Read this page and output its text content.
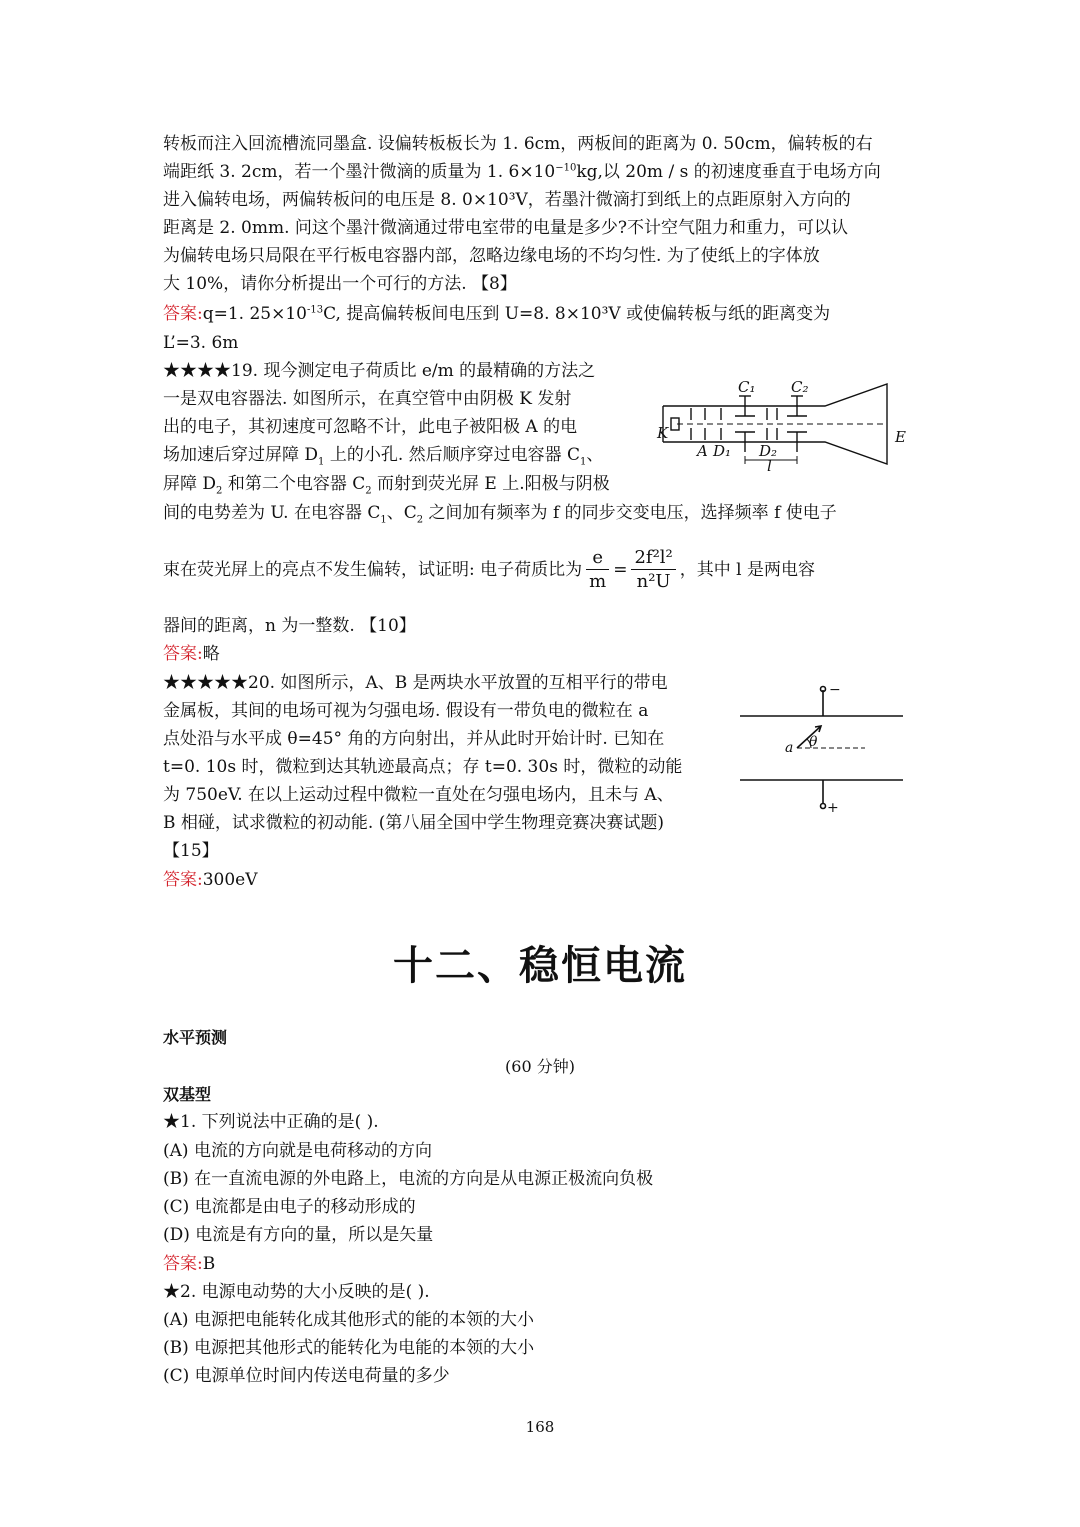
转板而注入回流槽流同墨盒. 设偏转板板长为 1. 6cm，两板间的距离为 0. 50cm，偏转板的右
端距纸 3. 2cm，若一个墨汁微滴的质量为 1. $6\times 10^{-10}kg$,以 20m / s 的初速度垂直于电场方向
进入偏转电场，两偏转板问的电压是 8. 0×10³V，若墨汁微滴打到纸上的点距原射入方向的
距离是 2. 0mm. 问这个墨汁微滴通过带电室带的电量是多少?不计空气阻力和重力，可以认
为偏转电场只局限在平行板电容器内部，忽略边缘电场的不均匀性. 为了使纸上的字体放
大 10%，请你分析提出一个可行的方法. 【8】
答案:q=1. $25\times 10^{-13}C$, 提高偏转板间电压到 U=8. 8×10³V 或使偏转板与纸的距离变为
L’=3. 6m
★★★★19. 现今测定电子荷质比 e/m 的最精确的方法之
一是双电容器法. 如图所示，在真空管中由阴极 K 发射
出的电子，其初速度可忽略不计，此电子被阳极 A 的电
场加速后穿过屏障 $D_1$ 上的小孔. 然后顺序穿过电容器 $C_1$、
屏障 $D_2$ 和第二个电容器 $C_2$ 而射到荧光屏 E 上.阳极与阴极
间的电势差为 U. 在电容器 $C_1$、$C_2$ 之间加有频率为 f 的同步交变电压，选择频率 f 使电子
束在荧光屏上的亮点不发生偏转，试证明: 电子荷质比为 $\frac{e}{m} = \frac{\text{2f²l²}}{\text{n²U}}$ ，其中 l 是两电容
器间的距离，n 为一整数. 【10】
答案:略
C₁ C₂
K
A D₁ D₂
l
E
★★★★★20. 如图所示，A、B 是两块水平放置的互相平行的带电
金属板，其间的电场可视为匀强电场. 假设有一带负电的微粒在 a
点处沿与水平成 θ=45° 角的方向射出，并从此时开始计时. 已知在
t=0. 10s 时，微粒到达其轨迹最高点；存 t=0. 30s 时，微粒的动能
为 750eV. 在以上运动过程中微粒一直处在匀强电场内，且未与 A、
B 相碰，试求微粒的初动能. (第八届全国中学生物理竞赛决赛试题)
【15】
答案:300eV
−
+
a θ
十二、稳恒电流
水平预测
(60 分钟)
双基型
★1. 下列说法中正确的是( ).
(A) 电流的方向就是电荷移动的方向
(B) 在一直流电源的外电路上，电流的方向是从电源正极流向负极
(C) 电流都是由电子的移动形成的
(D) 电流是有方向的量，所以是矢量
答案:B
★2. 电源电动势的大小反映的是( ).
(A) 电源把电能转化成其他形式的能的本领的大小
(B) 电源把其他形式的能转化为电能的本领的大小
(C) 电源单位时间内传送电荷量的多少
168
